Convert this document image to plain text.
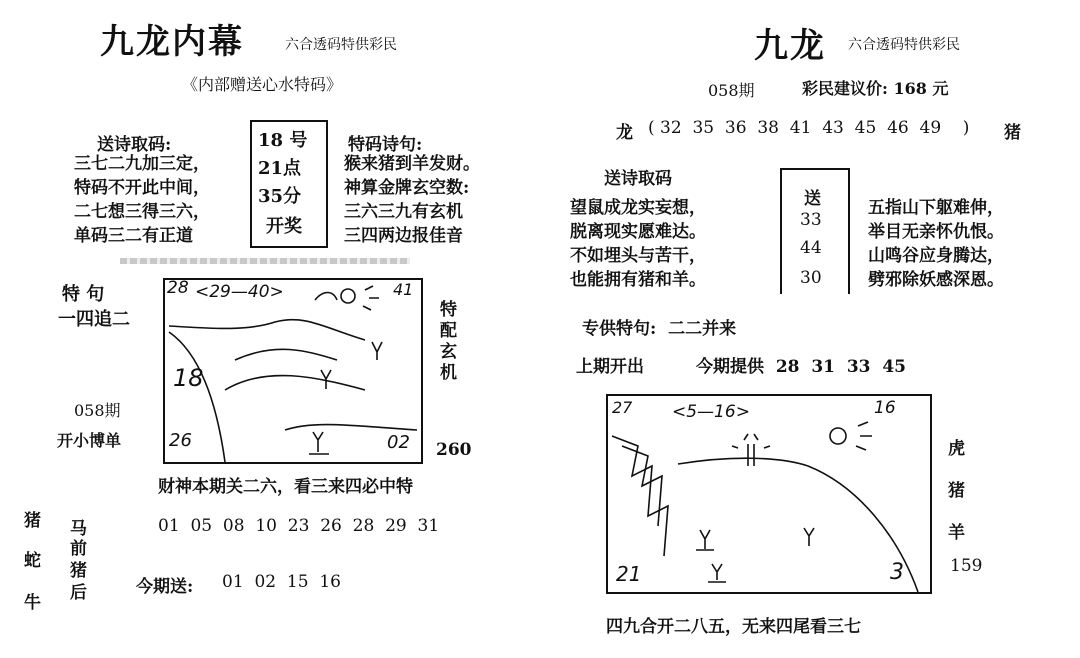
九龙内幕	六合透码特供彩民
《内部赠送心水特码》
送诗取码:
三七二九加三定，
特码不开此中间，
二七想三得三六，
单码三二有正道
18 号
21点
35分
开奖
特码诗句:
猴来猪到羊发财。
神算金牌玄空数:
三六三九有玄机
三四两边报佳音
特 句
一四追二
058期
开小博单
28 <29—40>	41
18
26	02
特配玄机
260
财神本期关二六，看三来四必中特
猪
蛇
牛
马
前
猪
后
01  05  08  10  23  26  28  29  31
今期送: 01  02  15  16
九龙 六合透码特供彩民
058期	彩民建议价: 168 元
龙 ( 32  35  36  38  41  43  45  46  49    ) 猪
送诗取码
望鼠成龙实妄想，
脱离现实愿难达。
不如埋头与苦干，
也能拥有猪和羊。
送
33
44
30
五指山下躯难伸，
举目无亲怀仇恨。
山鸣谷应身腾达，
劈邪除妖感深恩。
专供特句:  二二并来
上期开出	今期提供  28  31  33  45
27 <5—16>	16
21	3
虎
猪
羊
159
四九合开二八五，无来四尾看三七
